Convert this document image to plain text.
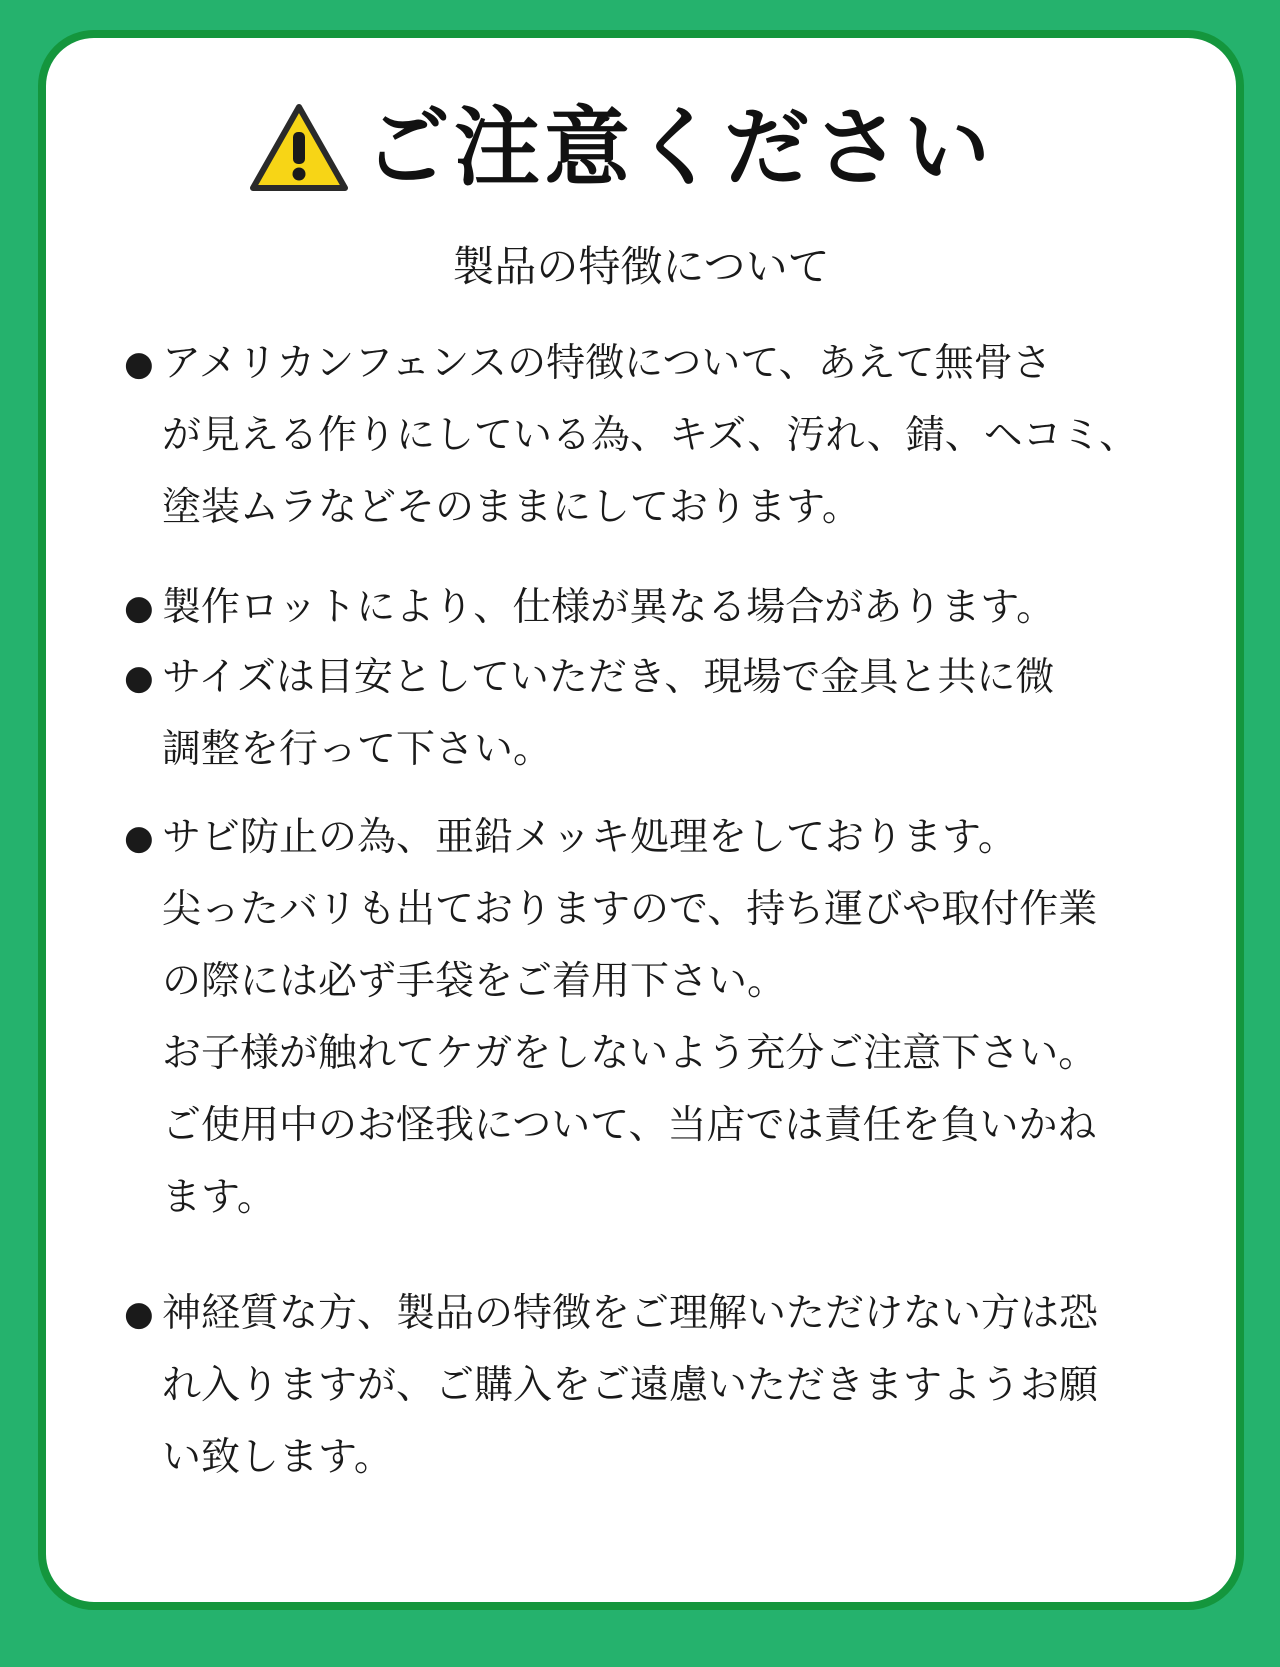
ご注意ください
製品の特徴について
● アメリカンフェンスの特徴について、あえて無骨さ
が見える作りにしている為、キズ、汚れ、錆、ヘコミ、
塗装ムラなどそのままにしております。
● 製作ロットにより、仕様が異なる場合があります。
● サイズは目安としていただき、現場で金具と共に微
調整を行って下さい。
● サビ防止の為、亜鉛メッキ処理をしております。
尖ったバリも出ておりますので、持ち運びや取付作業
の際には必ず手袋をご着用下さい。
お子様が触れてケガをしないよう充分ご注意下さい。
ご使用中のお怪我について、当店では責任を負いかね
ます。
● 神経質な方、製品の特徴をご理解いただけない方は恐
れ入りますが、ご購入をご遠慮いただきますようお願
い致します。
